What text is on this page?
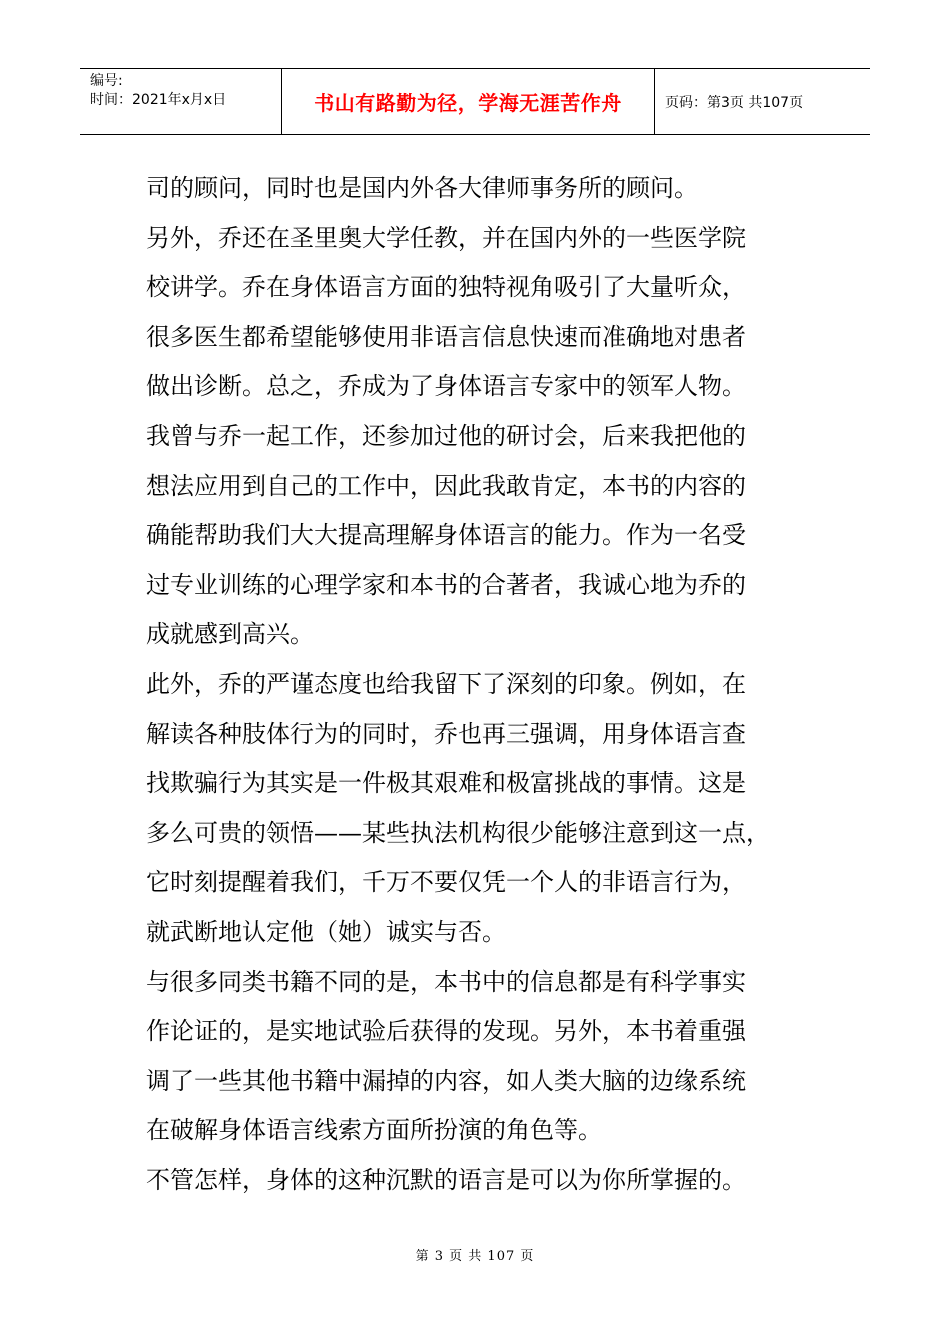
编号:
时间：2021年x月x日	书山有路勤为径，学海无涯苦作舟	页码：第3页 共107页
司的顾问，同时也是国内外各大律师事务所的顾问。
另外，乔还在圣里奥大学任教，并在国内外的一些医学院
校讲学。乔在身体语言方面的独特视角吸引了大量听众，
很多医生都希望能够使用非语言信息快速而准确地对患者
做出诊断。总之，乔成为了身体语言专家中的领军人物。
我曾与乔一起工作，还参加过他的研讨会，后来我把他的
想法应用到自己的工作中，因此我敢肯定，本书的内容的
确能帮助我们大大提高理解身体语言的能力。作为一名受
过专业训练的心理学家和本书的合著者，我诚心地为乔的
成就感到高兴。
此外，乔的严谨态度也给我留下了深刻的印象。例如，在
解读各种肢体行为的同时，乔也再三强调，用身体语言查
找欺骗行为其实是一件极其艰难和极富挑战的事情。这是
多么可贵的领悟——某些执法机构很少能够注意到这一点，
它时刻提醒着我们，千万不要仅凭一个人的非语言行为，
就武断地认定他（她）诚实与否。
与很多同类书籍不同的是，本书中的信息都是有科学事实
作论证的，是实地试验后获得的发现。另外，本书着重强
调了一些其他书籍中漏掉的内容，如人类大脑的边缘系统
在破解身体语言线索方面所扮演的角色等。
不管怎样，身体的这种沉默的语言是可以为你所掌握的。
第 3 页 共 107 页
